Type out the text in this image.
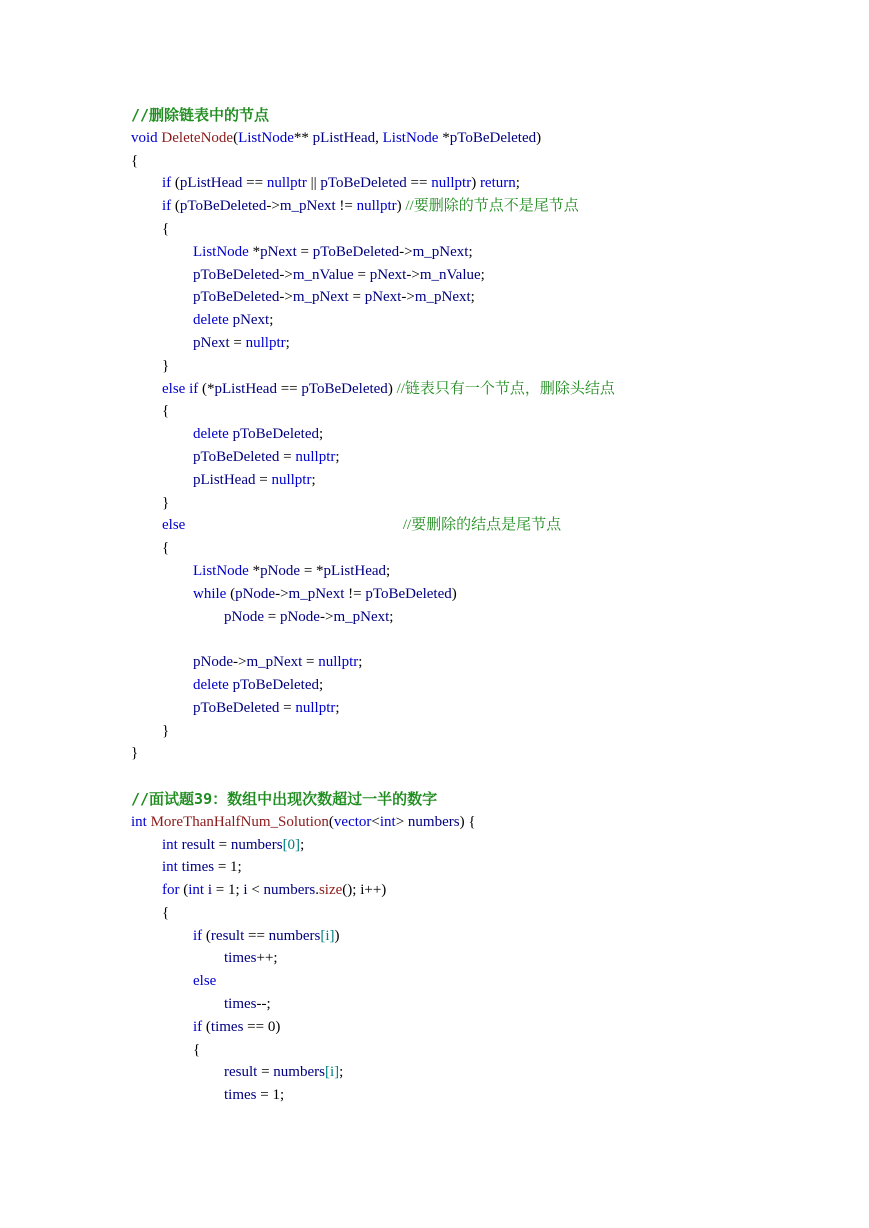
//删除链表中的节点
void DeleteNode(ListNode** pListHead, ListNode *pToBeDeleted)
{
if (pListHead == nullptr || pToBeDeleted == nullptr) return;
if (pToBeDeleted->m_pNext != nullptr) //要删除的节点不是尾节点
{
ListNode *pNext = pToBeDeleted->m_pNext;
pToBeDeleted->m_nValue = pNext->m_nValue;
pToBeDeleted->m_pNext = pNext->m_pNext;
delete pNext;
pNext = nullptr;
}
else if (*pListHead == pToBeDeleted) //链表只有一个节点，删除头结点
{
delete pToBeDeleted;
pToBeDeleted = nullptr;
pListHead = nullptr;
}
else	//要删除的结点是尾节点
{
ListNode *pNode = *pListHead;
while (pNode->m_pNext != pToBeDeleted)
pNode = pNode->m_pNext;

pNode->m_pNext = nullptr;
delete pToBeDeleted;
pToBeDeleted = nullptr;
}
}

//面试题39：数组中出现次数超过一半的数字
int MoreThanHalfNum_Solution(vector<int> numbers) {
int result = numbers[0];
int times = 1;
for (int i = 1; i < numbers.size(); i++)
{
if (result == numbers[i])
times++;
else
times--;
if (times == 0)
{
result = numbers[i];
times = 1;
